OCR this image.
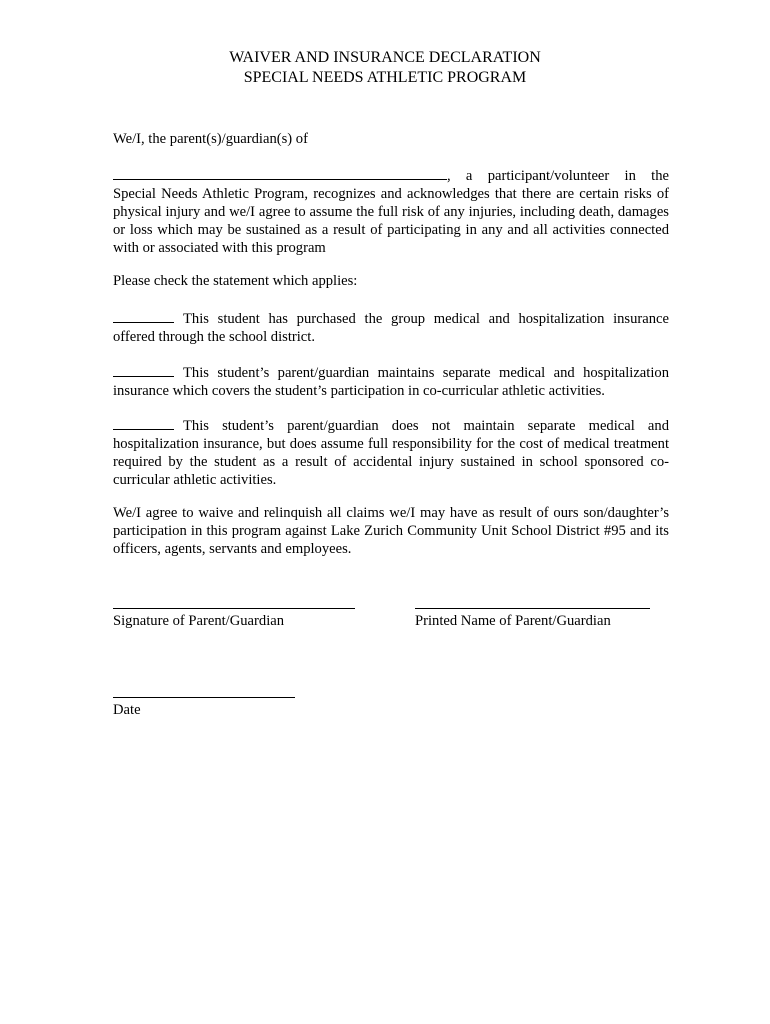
WAIVER AND INSURANCE DECLARATION
SPECIAL NEEDS ATHLETIC PROGRAM

We/I, the parent(s)/guardian(s) of

, a participant/volunteer in the Special Needs Athletic Program, recognizes and acknowledges that there are certain risks of physical injury and we/I agree to assume the full risk of any injuries, including death, damages or loss which may be sustained as a result of participating in any and all activities connected with or associated with this program

Please check the statement which applies:

This student has purchased the group medical and hospitalization insurance offered through the school district.

This student’s parent/guardian maintains separate medical and hospitalization insurance which covers the student’s participation in co-curricular athletic activities.

This student’s parent/guardian does not maintain separate medical and hospitalization insurance, but does assume full responsibility for the cost of medical treatment required by the student as a result of accidental injury sustained in school sponsored co-curricular athletic activities.

We/I agree to waive and relinquish all claims we/I may have as result of ours son/daughter’s participation in this program against Lake Zurich Community Unit School District #95 and its officers, agents, servants and employees.

Signature of Parent/Guardian	Printed Name of Parent/Guardian
Date
